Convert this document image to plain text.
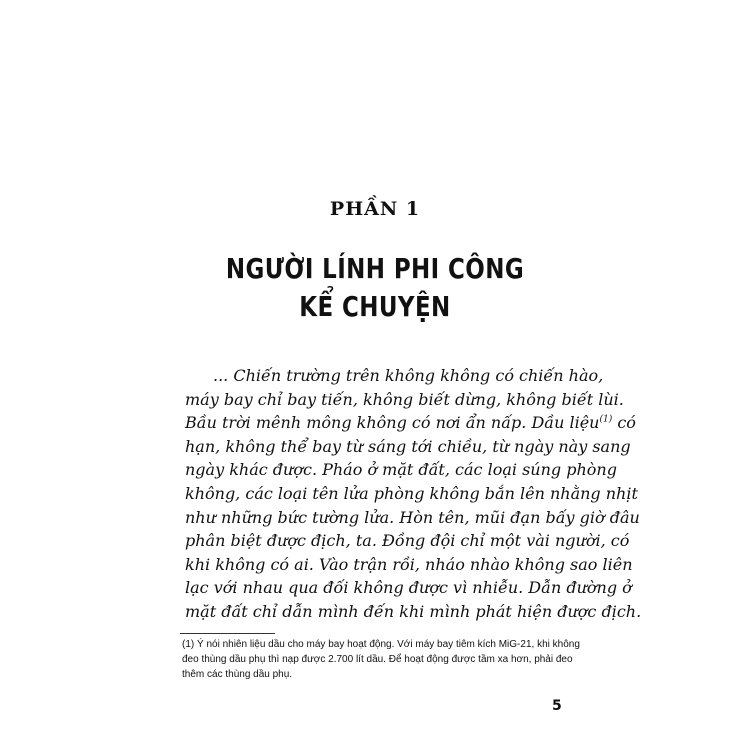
PHẦN 1
NGƯỜI LÍNH PHI CÔNG
KỂ CHUYỆN
... Chiến trường trên không không có chiến hào,
máy bay chỉ bay tiến, không biết dừng, không biết lùi.
Bầu trời mênh mông không có nơi ẩn nấp. Dầu liệu$^{(1)}$ có
hạn, không thể bay từ sáng tới chiều, từ ngày này sang
ngày khác được. Pháo ở mặt đất, các loại súng phòng
không, các loại tên lửa phòng không bắn lên nhằng nhịt
như những bức tường lửa. Hòn tên, mũi đạn bấy giờ đâu
phân biệt được địch, ta. Đồng đội chỉ một vài người, có
khi không có ai. Vào trận rồi, nháo nhào không sao liên
lạc với nhau qua đối không được vì nhiễu. Dẫn đường ở
mặt đất chỉ dẫn mình đến khi mình phát hiện được địch.
(1) Ý nói nhiên liệu dầu cho máy bay hoạt động. Với máy bay tiêm kích MiG-21, khi không
đeo thùng dầu phụ thì nạp được 2.700 lít dầu. Để hoạt động được tầm xa hơn, phải đeo
thêm các thùng dầu phụ.
5
